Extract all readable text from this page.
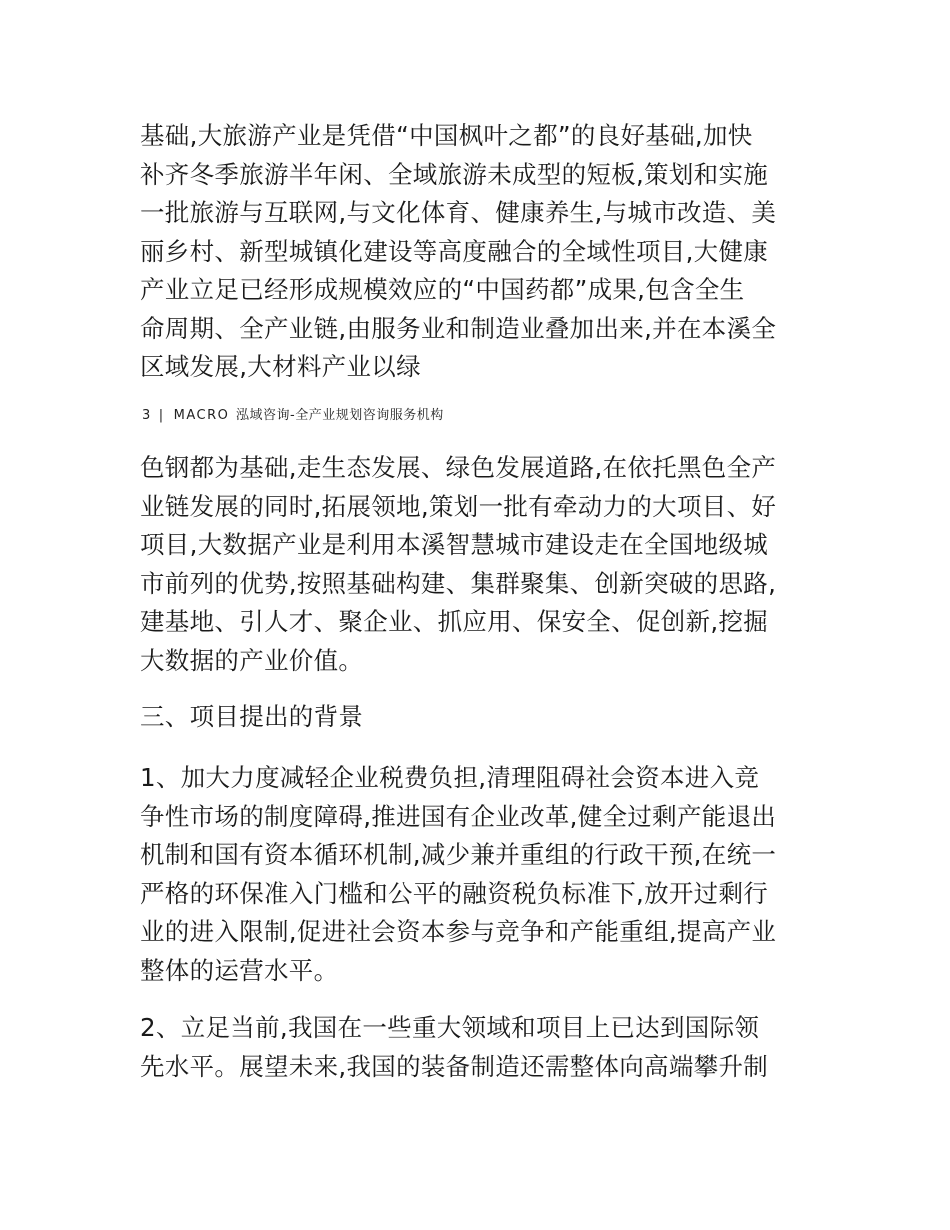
基础,大旅游产业是凭借“中国枫叶之都”的良好基础,加快
补齐冬季旅游半年闲、全域旅游未成型的短板,策划和实施
一批旅游与互联网,与文化体育、健康养生,与城市改造、美
丽乡村、新型城镇化建设等高度融合的全域性项目,大健康
产业立足已经形成规模效应的“中国药都”成果,包含全生
命周期、全产业链,由服务业和制造业叠加出来,并在本溪全
区域发展,大材料产业以绿
3 | MACRO 泓域咨询-全产业规划咨询服务机构
色钢都为基础,走生态发展、绿色发展道路,在依托黑色全产
业链发展的同时,拓展领地,策划一批有牵动力的大项目、好
项目,大数据产业是利用本溪智慧城市建设走在全国地级城
市前列的优势,按照基础构建、集群聚集、创新突破的思路,
建基地、引人才、聚企业、抓应用、保安全、促创新,挖掘
大数据的产业价值。
三、项目提出的背景
1、加大力度减轻企业税费负担,清理阻碍社会资本进入竞
争性市场的制度障碍,推进国有企业改革,健全过剩产能退出
机制和国有资本循环机制,减少兼并重组的行政干预,在统一
严格的环保准入门槛和公平的融资税负标准下,放开过剩行
业的进入限制,促进社会资本参与竞争和产能重组,提高产业
整体的运营水平。
2、立足当前,我国在一些重大领域和项目上已达到国际领
先水平。展望未来,我国的装备制造还需整体向高端攀升制
